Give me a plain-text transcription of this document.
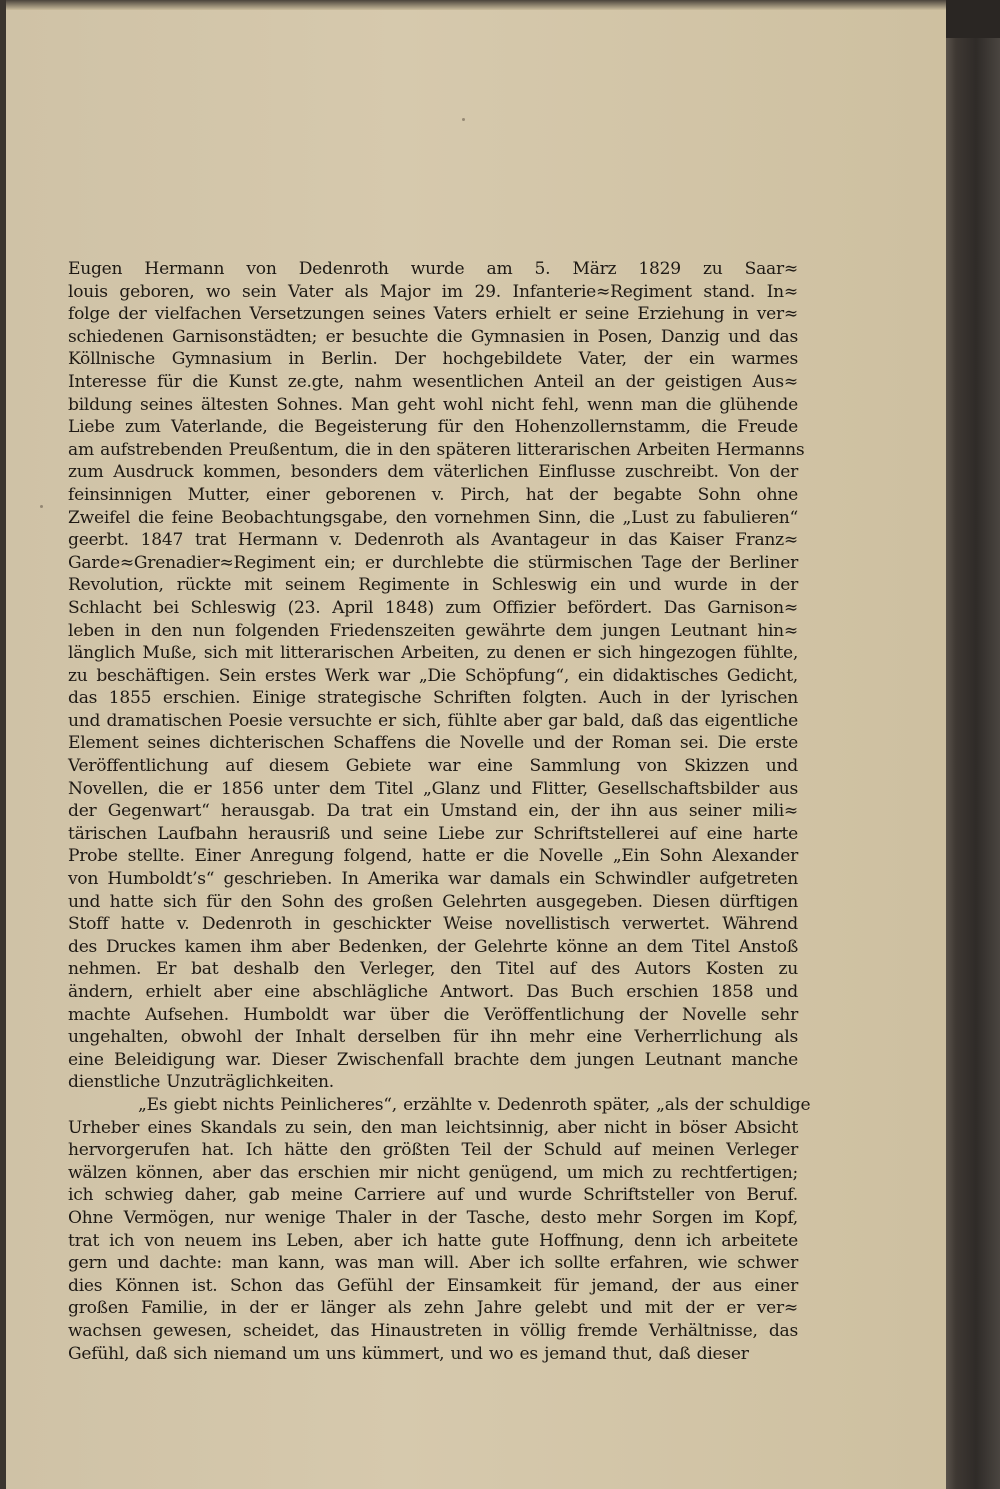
Eugen Hermann von Dedenroth wurde am 5. März 1829 zu Saar≈
louis geboren, wo sein Vater als Major im 29. Infanterie≈Regiment stand. In≈
folge der vielfachen Versetzungen seines Vaters erhielt er seine Erziehung in ver≈
schiedenen Garnisonstädten; er besuchte die Gymnasien in Posen, Danzig und das
Köllnische Gymnasium in Berlin. Der hochgebildete Vater, der ein warmes
Interesse für die Kunst ze.gte, nahm wesentlichen Anteil an der geistigen Aus≈
bildung seines ältesten Sohnes. Man geht wohl nicht fehl, wenn man die glühende
Liebe zum Vaterlande, die Begeisterung für den Hohenzollernstamm, die Freude
am aufstrebenden Preußentum, die in den späteren litterarischen Arbeiten Hermanns
zum Ausdruck kommen, besonders dem väterlichen Einflusse zuschreibt. Von der
feinsinnigen Mutter, einer geborenen v. Pirch, hat der begabte Sohn ohne
Zweifel die feine Beobachtungsgabe, den vornehmen Sinn, die „Lust zu fabulieren“
geerbt. 1847 trat Hermann v. Dedenroth als Avantageur in das Kaiser Franz≈
Garde≈Grenadier≈Regiment ein; er durchlebte die stürmischen Tage der Berliner
Revolution, rückte mit seinem Regimente in Schleswig ein und wurde in der
Schlacht bei Schleswig (23. April 1848) zum Offizier befördert. Das Garnison≈
leben in den nun folgenden Friedenszeiten gewährte dem jungen Leutnant hin≈
länglich Muße, sich mit litterarischen Arbeiten, zu denen er sich hingezogen fühlte,
zu beschäftigen. Sein erstes Werk war „Die Schöpfung“, ein didaktisches Gedicht,
das 1855 erschien. Einige strategische Schriften folgten. Auch in der lyrischen
und dramatischen Poesie versuchte er sich, fühlte aber gar bald, daß das eigentliche
Element seines dichterischen Schaffens die Novelle und der Roman sei. Die erste
Veröffentlichung auf diesem Gebiete war eine Sammlung von Skizzen und
Novellen, die er 1856 unter dem Titel „Glanz und Flitter, Gesellschaftsbilder aus
der Gegenwart“ herausgab. Da trat ein Umstand ein, der ihn aus seiner mili≈
tärischen Laufbahn herausriß und seine Liebe zur Schriftstellerei auf eine harte
Probe stellte. Einer Anregung folgend, hatte er die Novelle „Ein Sohn Alexander
von Humboldt’s“ geschrieben. In Amerika war damals ein Schwindler aufgetreten
und hatte sich für den Sohn des großen Gelehrten ausgegeben. Diesen dürftigen
Stoff hatte v. Dedenroth in geschickter Weise novellistisch verwertet. Während
des Druckes kamen ihm aber Bedenken, der Gelehrte könne an dem Titel Anstoß
nehmen. Er bat deshalb den Verleger, den Titel auf des Autors Kosten zu
ändern, erhielt aber eine abschlägliche Antwort. Das Buch erschien 1858 und
machte Aufsehen. Humboldt war über die Veröffentlichung der Novelle sehr
ungehalten, obwohl der Inhalt derselben für ihn mehr eine Verherrlichung als
eine Beleidigung war. Dieser Zwischenfall brachte dem jungen Leutnant manche
dienstliche Unzuträglichkeiten.
„Es giebt nichts Peinlicheres“, erzählte v. Dedenroth später, „als der schuldige
Urheber eines Skandals zu sein, den man leichtsinnig, aber nicht in böser Absicht
hervorgerufen hat. Ich hätte den größten Teil der Schuld auf meinen Verleger
wälzen können, aber das erschien mir nicht genügend, um mich zu rechtfertigen;
ich schwieg daher, gab meine Carriere auf und wurde Schriftsteller von Beruf.
Ohne Vermögen, nur wenige Thaler in der Tasche, desto mehr Sorgen im Kopf,
trat ich von neuem ins Leben, aber ich hatte gute Hoffnung, denn ich arbeitete
gern und dachte: man kann, was man will. Aber ich sollte erfahren, wie schwer
dies Können ist. Schon das Gefühl der Einsamkeit für jemand, der aus einer
großen Familie, in der er länger als zehn Jahre gelebt und mit der er ver≈
wachsen gewesen, scheidet, das Hinaustreten in völlig fremde Verhältnisse, das
Gefühl, daß sich niemand um uns kümmert, und wo es jemand thut, daß dieser
